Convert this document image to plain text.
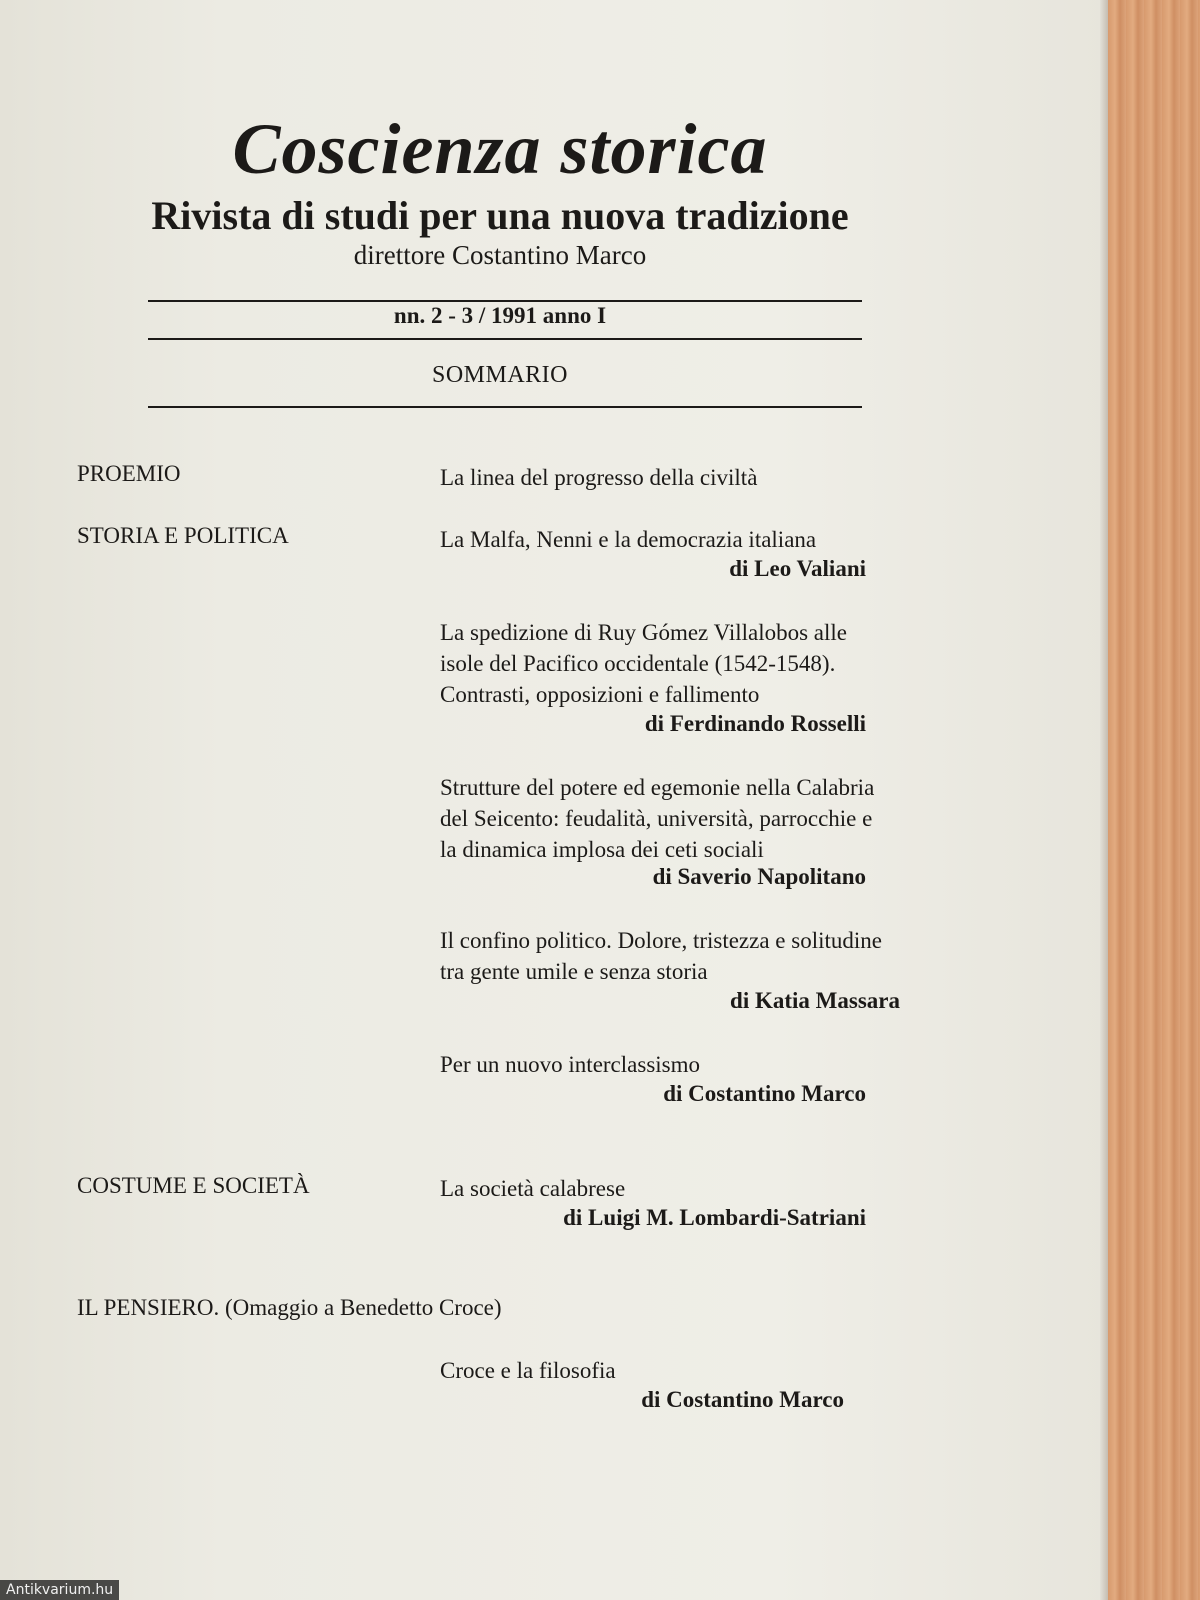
Coscienza storica
Rivista di studi per una nuova tradizione
direttore Costantino Marco
nn. 2 - 3 / 1991 anno I
SOMMARIO
PROEMIO
STORIA E POLITICA
COSTUME E SOCIETÀ
IL PENSIERO. (Omaggio a Benedetto Croce)
La linea del progresso della civiltà
La Malfa, Nenni e la democrazia italiana
di Leo Valiani
La spedizione di Ruy Gómez Villalobos alle
isole del Pacifico occidentale (1542-1548).
Contrasti, opposizioni e fallimento
di Ferdinando Rosselli
Strutture del potere ed egemonie nella Calabria
del Seicento: feudalità, università, parrocchie e
la dinamica implosa dei ceti sociali
di Saverio Napolitano
Il confino politico. Dolore, tristezza e solitudine
tra gente umile e senza storia
di Katia Massara
Per un nuovo interclassismo
di Costantino Marco
La società calabrese
di Luigi M. Lombardi-Satriani
Croce e la filosofia
di Costantino Marco
Antikvarium.hu
